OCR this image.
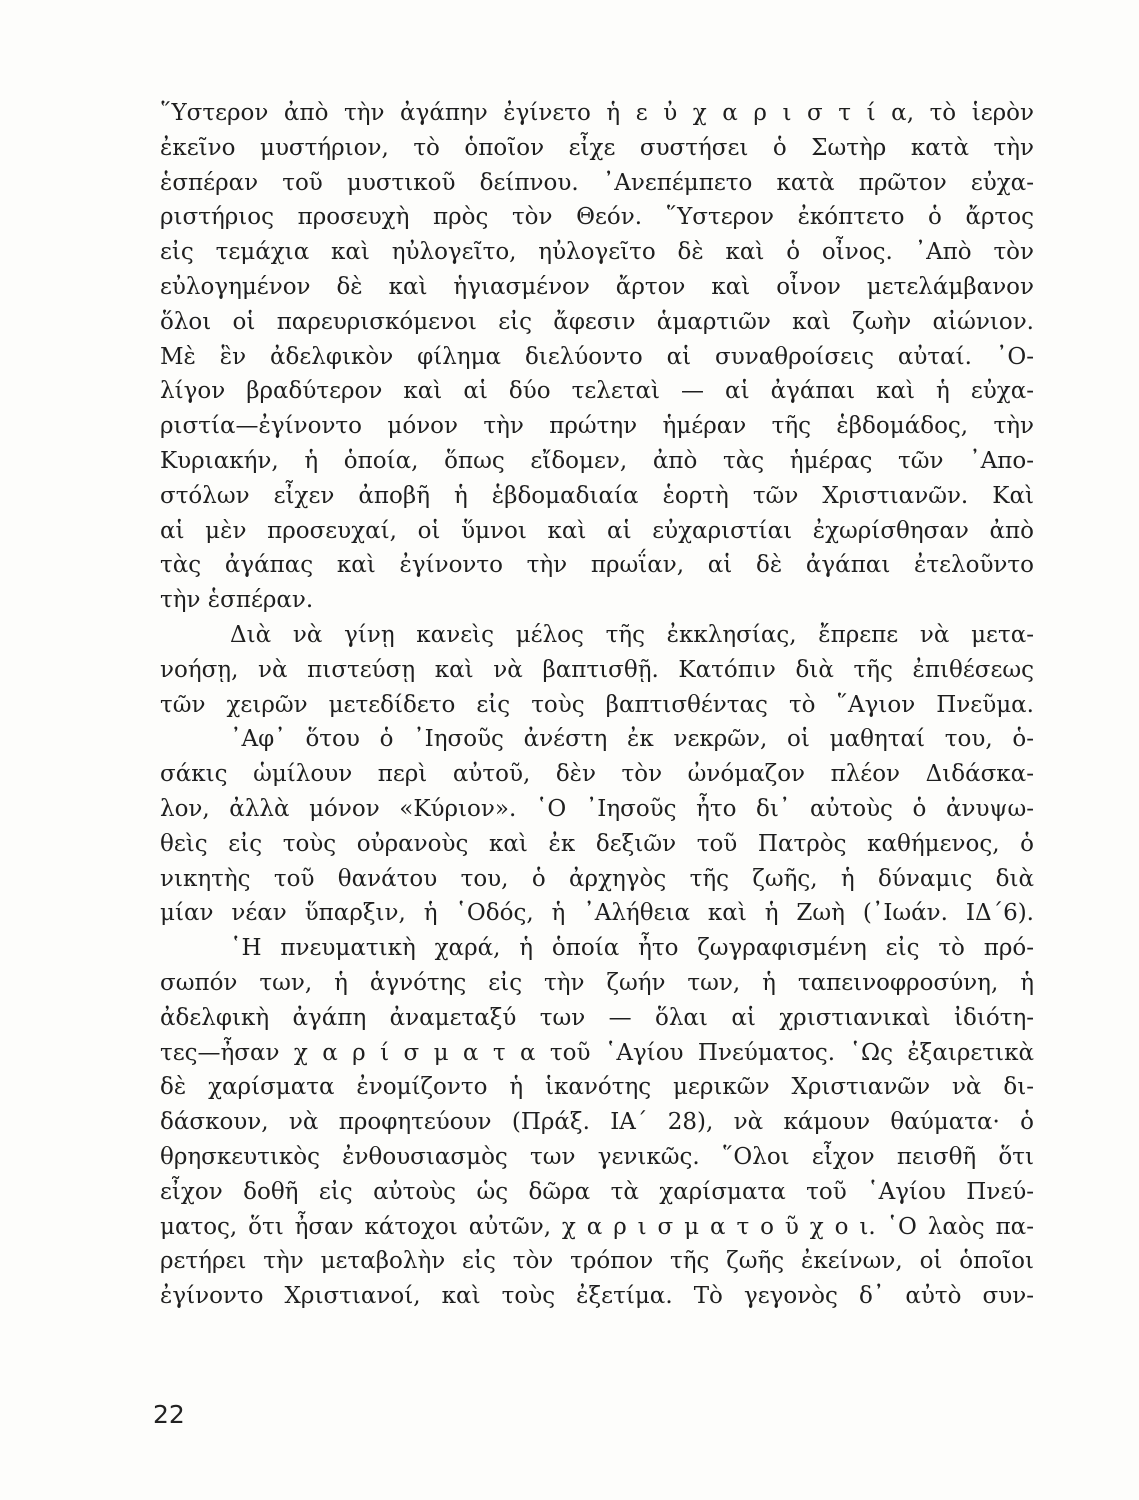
῞Υστερον ἀπὸ τὴν ἀγάπην ἐγίνετο ἡ ε ὐ χ α ρ ι σ τ ί α, τὸ ἱερὸν
ἐκεῖνο μυστήριον, τὸ ὁποῖον εἶχε συστήσει ὁ Σωτὴρ κατὰ τὴν
ἑσπέραν τοῦ μυστικοῦ δείπνου. ᾿Ανεπέμπετο κατὰ πρῶτον εὐχα-
ριστήριος προσευχὴ πρὸς τὸν Θεόν. ῞Υστερον ἐκόπτετο ὁ ἄρτος
εἰς τεμάχια καὶ ηὐλογεῖτο, ηὐλογεῖτο δὲ καὶ ὁ οἶνος. ᾿Απὸ τὸν
εὐλογημένον δὲ καὶ ἡγιασμένον ἄρτον καὶ οἶνον μετελάμβανον
ὅλοι οἱ παρευρισκόμενοι εἰς ἄφεσιν ἁμαρτιῶν καὶ ζωὴν αἰώνιον.
Μὲ ἓν ἀδελφικὸν φίλημα διελύοντο αἱ συναθροίσεις αὐταί. ᾿Ο-
λίγον βραδύτερον καὶ αἱ δύο τελεταὶ — αἱ ἀγάπαι καὶ ἡ εὐχα-
ριστία—ἐγίνοντο μόνον τὴν πρώτην ἡμέραν τῆς ἑβδομάδος, τὴν
Κυριακήν, ἡ ὁποία, ὅπως εἴδομεν, ἀπὸ τὰς ἡμέρας τῶν ᾿Απο-
στόλων εἶχεν ἀποβῆ ἡ ἑβδομαδιαία ἑορτὴ τῶν Χριστιανῶν. Καὶ
αἱ μὲν προσευχαί, οἱ ὕμνοι καὶ αἱ εὐχαριστίαι ἐχωρίσθησαν ἀπὸ
τὰς ἀγάπας καὶ ἐγίνοντο τὴν πρωΐαν, αἱ δὲ ἀγάπαι ἐτελοῦντο
τὴν ἑσπέραν.
Διὰ νὰ γίνῃ κανεὶς μέλος τῆς ἐκκλησίας, ἔπρεπε νὰ μετα-
νοήσῃ, νὰ πιστεύσῃ καὶ νὰ βαπτισθῇ. Κατόπιν διὰ τῆς ἐπιθέσεως
τῶν χειρῶν μετεδίδετο εἰς τοὺς βαπτισθέντας τὸ ῞Αγιον Πνεῦμα.
᾿Αφ᾿ ὅτου ὁ ᾿Ιησοῦς ἀνέστη ἐκ νεκρῶν, οἱ μαθηταί του, ὁ-
σάκις ὡμίλουν περὶ αὐτοῦ, δὲν τὸν ὠνόμαζον πλέον Διδάσκα-
λον, ἀλλὰ μόνον «Κύριον». ῾Ο ᾿Ιησοῦς ἦτο δι᾿ αὐτοὺς ὁ ἀνυψω-
θεὶς εἰς τοὺς οὐρανοὺς καὶ ἐκ δεξιῶν τοῦ Πατρὸς καθήμενος, ὁ
νικητὴς τοῦ θανάτου του, ὁ ἀρχηγὸς τῆς ζωῆς, ἡ δύναμις διὰ
μίαν νέαν ὕπαρξιν, ἡ ῾Οδός, ἡ ᾿Αλήθεια καὶ ἡ Ζωὴ (᾿Ιωάν. ΙΔ΄6).
῾Η πνευματικὴ χαρά, ἡ ὁποία ἦτο ζωγραφισμένη εἰς τὸ πρό-
σωπόν των, ἡ ἁγνότης εἰς τὴν ζωήν των, ἡ ταπεινοφροσύνη, ἡ
ἀδελφικὴ ἀγάπη ἀναμεταξύ των — ὅλαι αἱ χριστιανικαὶ ἰδιότη-
τες—ἦσαν χ α ρ ί σ μ α τ α τοῦ ῾Αγίου Πνεύματος. ῾Ως ἐξαιρετικὰ
δὲ χαρίσματα ἐνομίζοντο ἡ ἱκανότης μερικῶν Χριστιανῶν νὰ δι-
δάσκουν, νὰ προφητεύουν (Πράξ. ΙΑ΄ 28), νὰ κάμουν θαύματα· ὁ
θρησκευτικὸς ἐνθουσιασμὸς των γενικῶς. ῞Ολοι εἶχον πεισθῆ ὅτι
εἶχον δοθῆ εἰς αὐτοὺς ὡς δῶρα τὰ χαρίσματα τοῦ ῾Αγίου Πνεύ-
ματος, ὅτι ἦσαν κάτοχοι αὐτῶν, χ α ρ ι σ μ α τ ο ῦ χ ο ι. ῾Ο λαὸς πα-
ρετήρει τὴν μεταβολὴν εἰς τὸν τρόπον τῆς ζωῆς ἐκείνων, οἱ ὁποῖοι
ἐγίνοντο Χριστιανοί, καὶ τοὺς ἐξετίμα. Τὸ γεγονὸς δ᾿ αὐτὸ συν-
22
